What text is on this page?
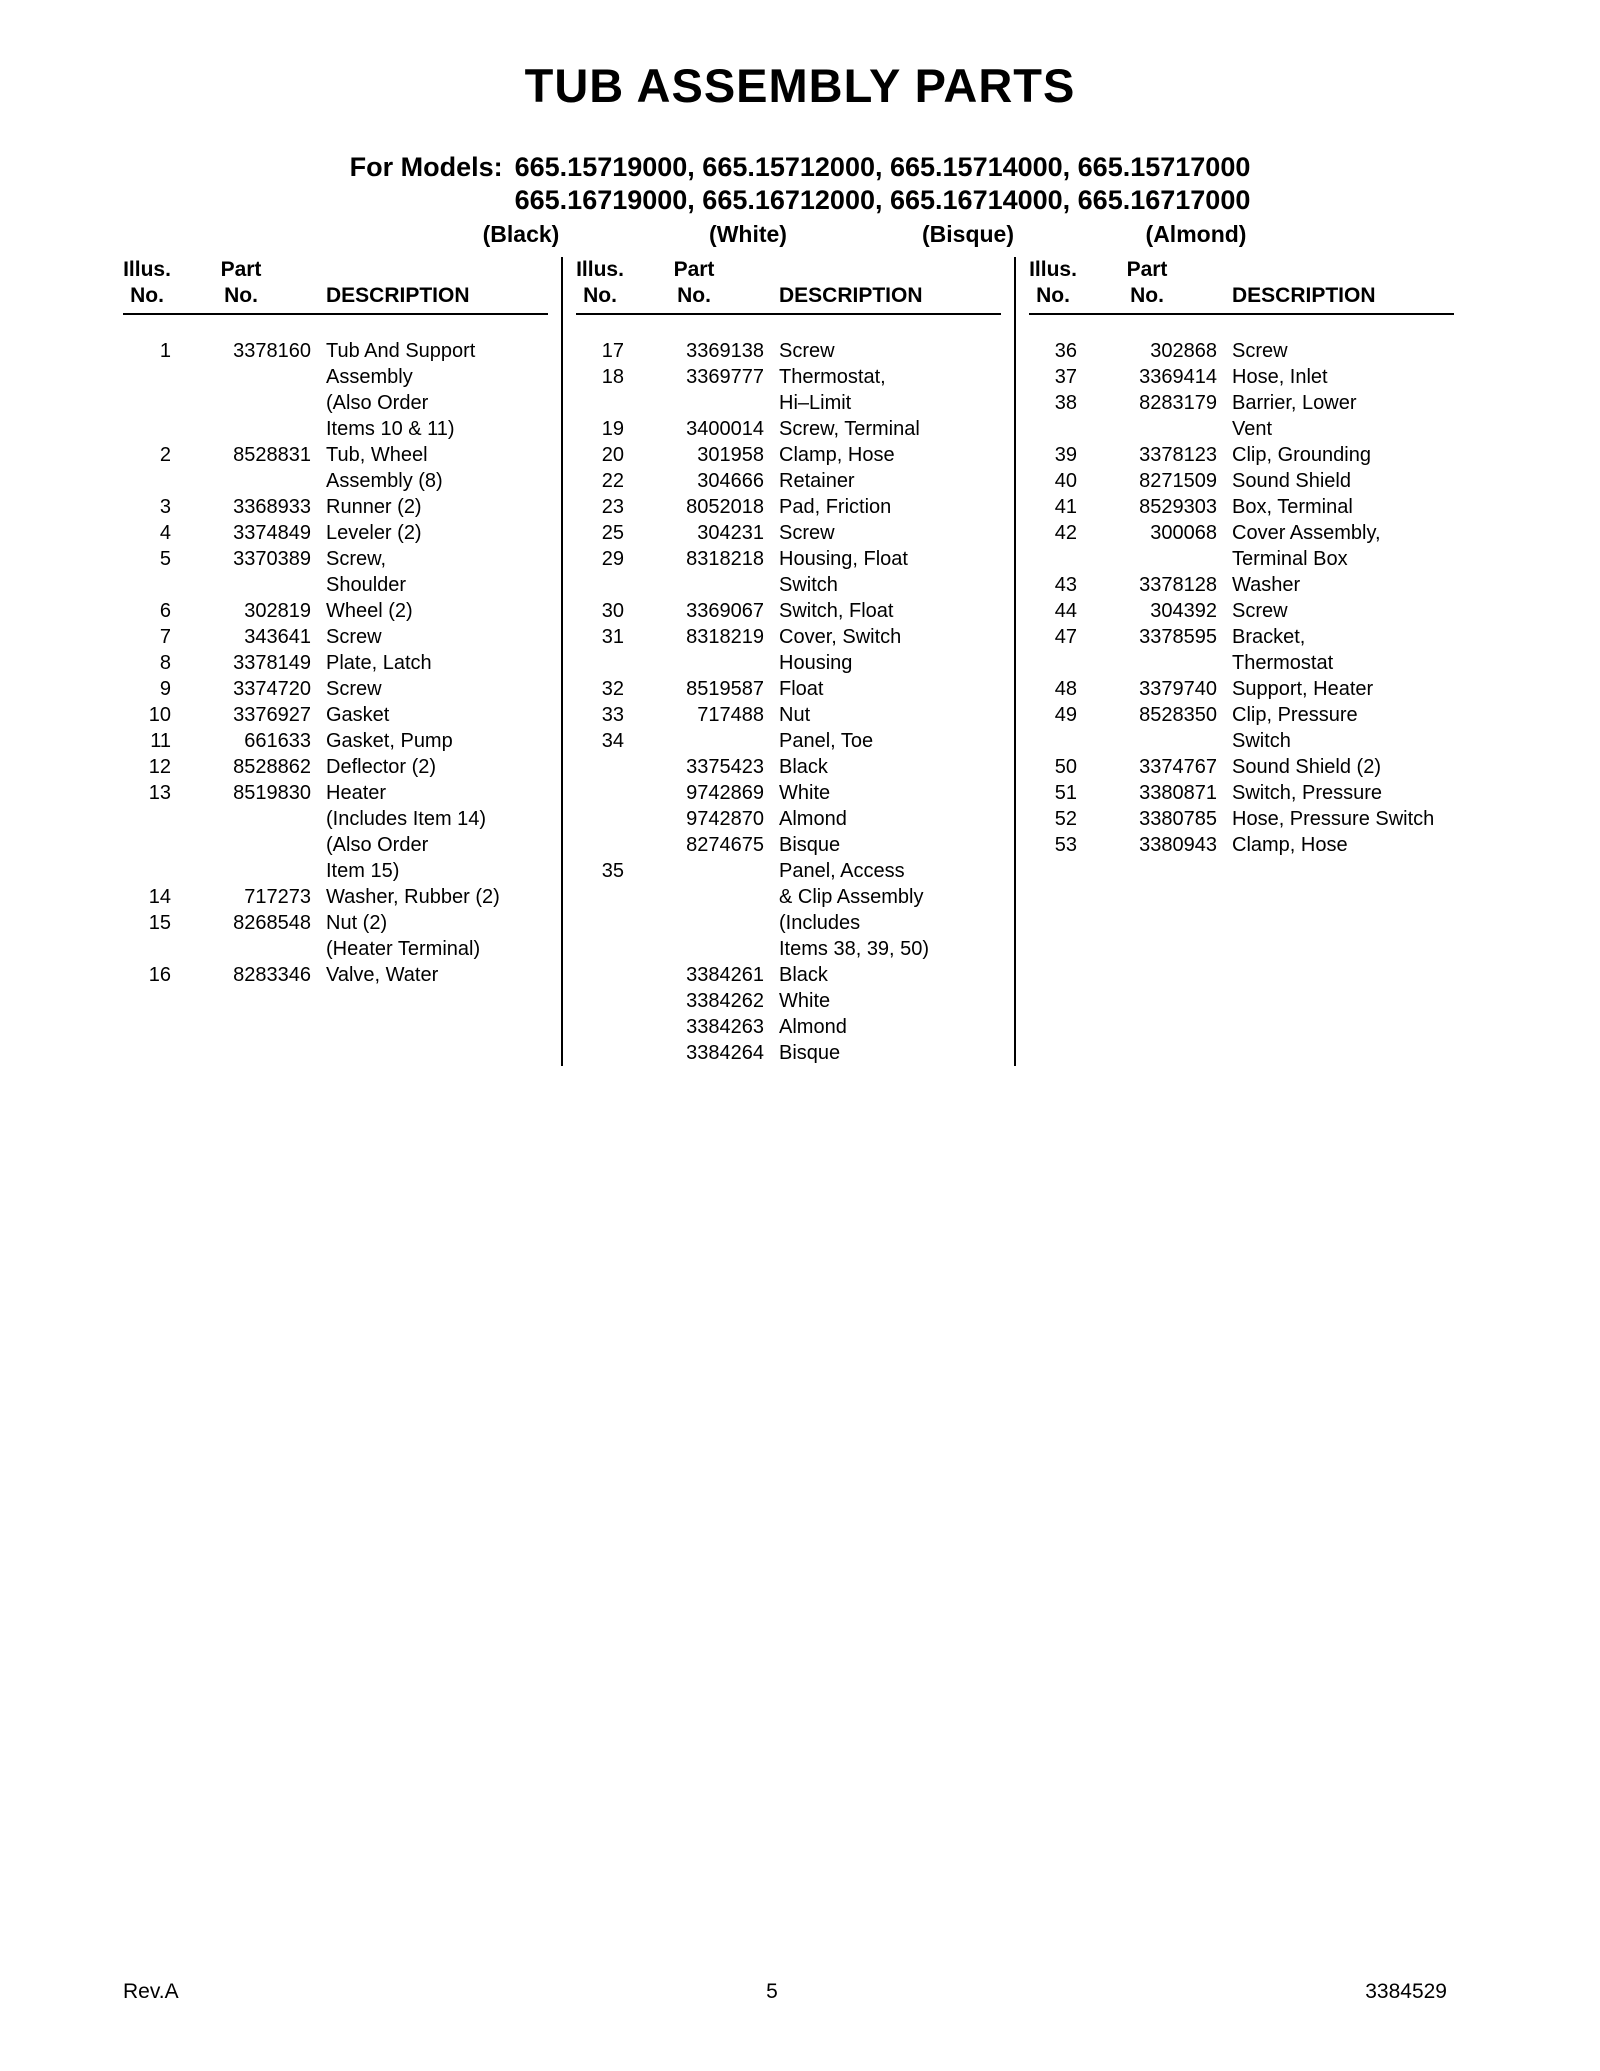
TUB ASSEMBLY PARTS
For Models: 665.15719000, 665.15712000, 665.15714000, 665.15717000
665.16719000, 665.16712000, 665.16714000, 665.16717000
(Black)	(White)	(Bisque)	(Almond)
Illus.	Part
No.	No.	DESCRIPTION
1	3378160 Tub And Support
Assembly
(Also Order
Items 10 & 11)
2	8528831 Tub, Wheel
Assembly (8)
3	3368933 Runner (2)
4	3374849 Leveler (2)
5	3370389 Screw,
Shoulder
6	302819 Wheel (2)
7	343641 Screw
8	3378149 Plate, Latch
9	3374720 Screw
10	3376927 Gasket
11	661633 Gasket, Pump
12	8528862 Deflector (2)
13	8519830 Heater
(Includes Item 14)
(Also Order
Item 15)
14	717273 Washer, Rubber (2)
15	8268548 Nut (2)
(Heater Terminal)
16	8283346 Valve, Water
Illus.	Part
No.	No.	DESCRIPTION
17	3369138 Screw
18	3369777 Thermostat,
Hi–Limit
19	3400014 Screw, Terminal
20	301958 Clamp, Hose
22	304666 Retainer
23	8052018 Pad, Friction
25	304231 Screw
29	8318218 Housing, Float
Switch
30	3369067 Switch, Float
31	8318219 Cover, Switch
Housing
32	8519587 Float
33	717488 Nut
34	Panel, Toe
3375423 Black
9742869 White
9742870 Almond
8274675 Bisque
35	Panel, Access
& Clip Assembly
(Includes
Items 38, 39, 50)
3384261 Black
3384262 White
3384263 Almond
3384264 Bisque
Illus.	Part
No.	No.	DESCRIPTION
36	302868 Screw
37	3369414 Hose, Inlet
38	8283179 Barrier, Lower
Vent
39	3378123 Clip, Grounding
40	8271509 Sound Shield
41	8529303 Box, Terminal
42	300068 Cover Assembly,
Terminal Box
43	3378128 Washer
44	304392 Screw
47	3378595 Bracket,
Thermostat
48	3379740 Support, Heater
49	8528350 Clip, Pressure
Switch
50	3374767 Sound Shield (2)
51	3380871 Switch, Pressure
52	3380785 Hose, Pressure Switch
53	3380943 Clamp, Hose
Rev.A	5	3384529
